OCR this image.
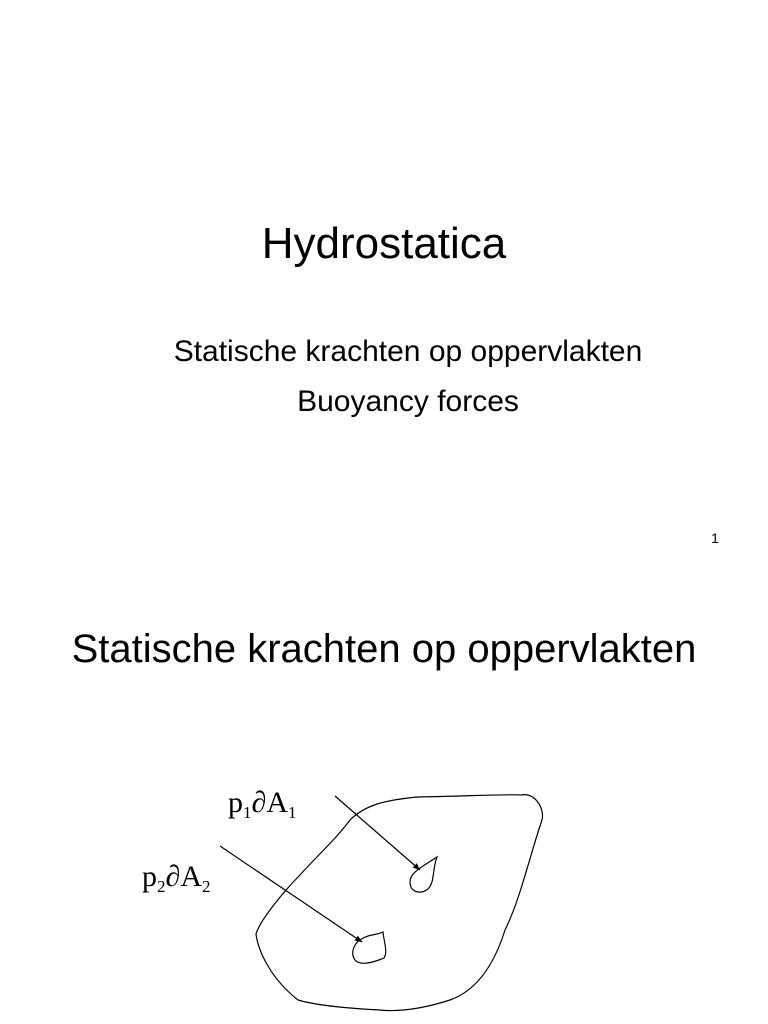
Hydrostatica
Statische krachten op oppervlakten
Buoyancy forces
1
Statische krachten op oppervlakten
$p_1\partial A_1$
$p_2\partial A_2$
